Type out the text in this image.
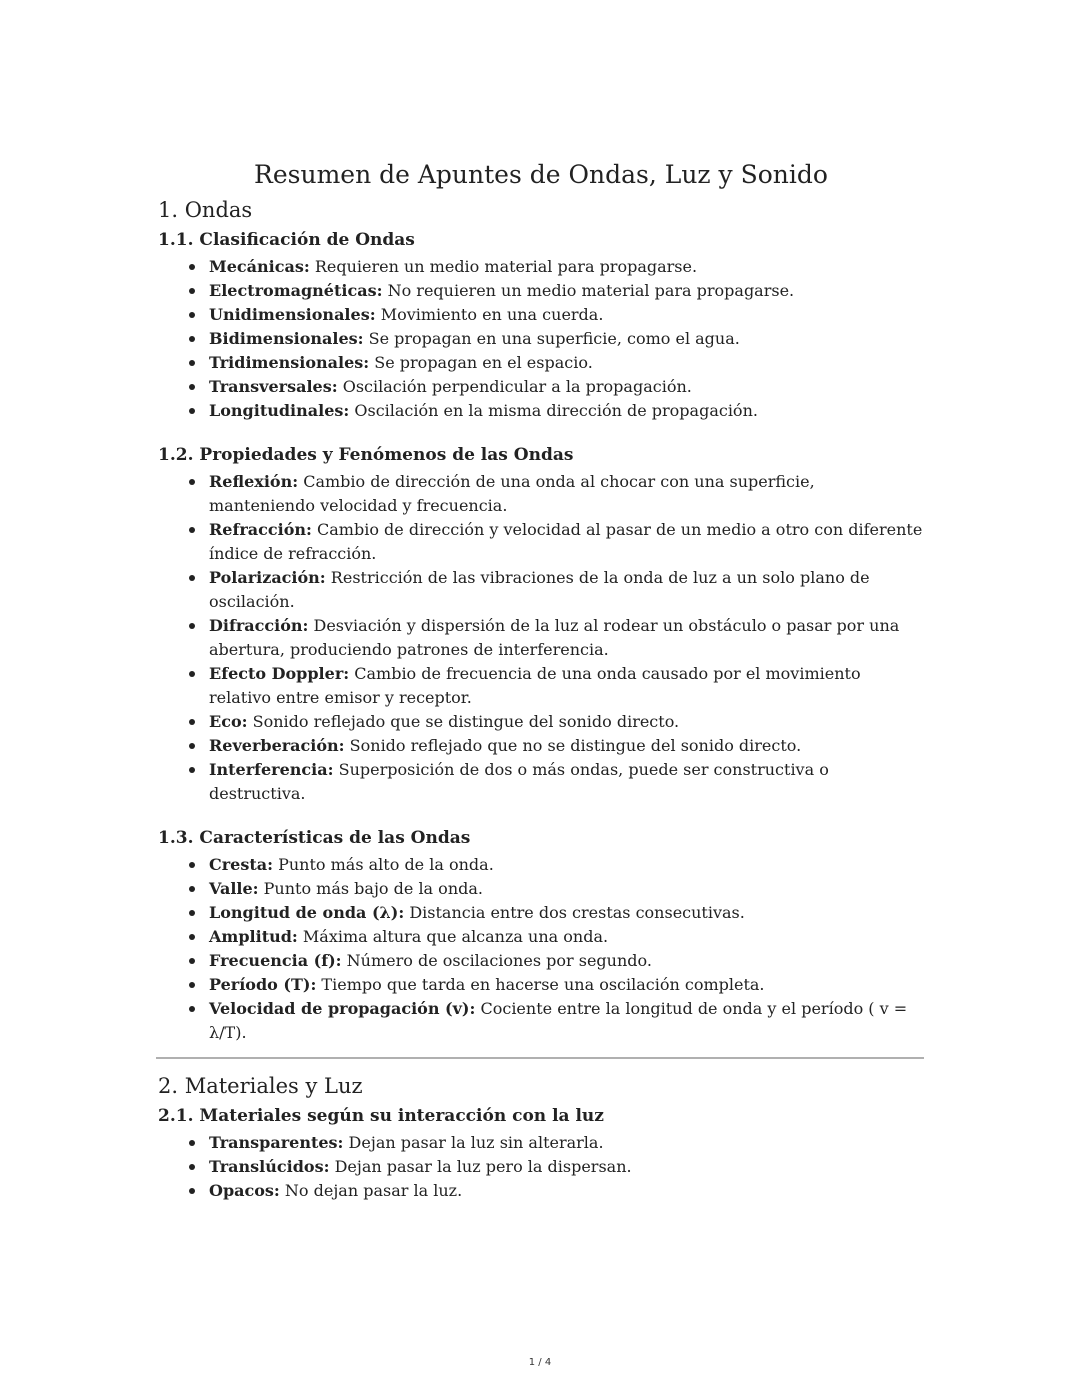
Resumen de Apuntes de Ondas, Luz y Sonido
1. Ondas
1.1. Clasificación de Ondas
Mecánicas: Requieren un medio material para propagarse.
Electromagnéticas: No requieren un medio material para propagarse.
Unidimensionales: Movimiento en una cuerda.
Bidimensionales: Se propagan en una superficie, como el agua.
Tridimensionales: Se propagan en el espacio.
Transversales: Oscilación perpendicular a la propagación.
Longitudinales: Oscilación en la misma dirección de propagación.
1.2. Propiedades y Fenómenos de las Ondas
Reflexión: Cambio de dirección de una onda al chocar con una superficie, manteniendo velocidad y frecuencia.
Refracción: Cambio de dirección y velocidad al pasar de un medio a otro con diferente índice de refracción.
Polarización: Restricción de las vibraciones de la onda de luz a un solo plano de oscilación.
Difracción: Desviación y dispersión de la luz al rodear un obstáculo o pasar por una abertura, produciendo patrones de interferencia.
Efecto Doppler: Cambio de frecuencia de una onda causado por el movimiento relativo entre emisor y receptor.
Eco: Sonido reflejado que se distingue del sonido directo.
Reverberación: Sonido reflejado que no se distingue del sonido directo.
Interferencia: Superposición de dos o más ondas, puede ser constructiva o destructiva.
1.3. Características de las Ondas
Cresta: Punto más alto de la onda.
Valle: Punto más bajo de la onda.
Longitud de onda (λ): Distancia entre dos crestas consecutivas.
Amplitud: Máxima altura que alcanza una onda.
Frecuencia (f): Número de oscilaciones por segundo.
Período (T): Tiempo que tarda en hacerse una oscilación completa.
Velocidad de propagación (v): Cociente entre la longitud de onda y el período ( v = λ/T).
2. Materiales y Luz
2.1. Materiales según su interacción con la luz
Transparentes: Dejan pasar la luz sin alterarla.
Translúcidos: Dejan pasar la luz pero la dispersan.
Opacos: No dejan pasar la luz.
1 / 4
